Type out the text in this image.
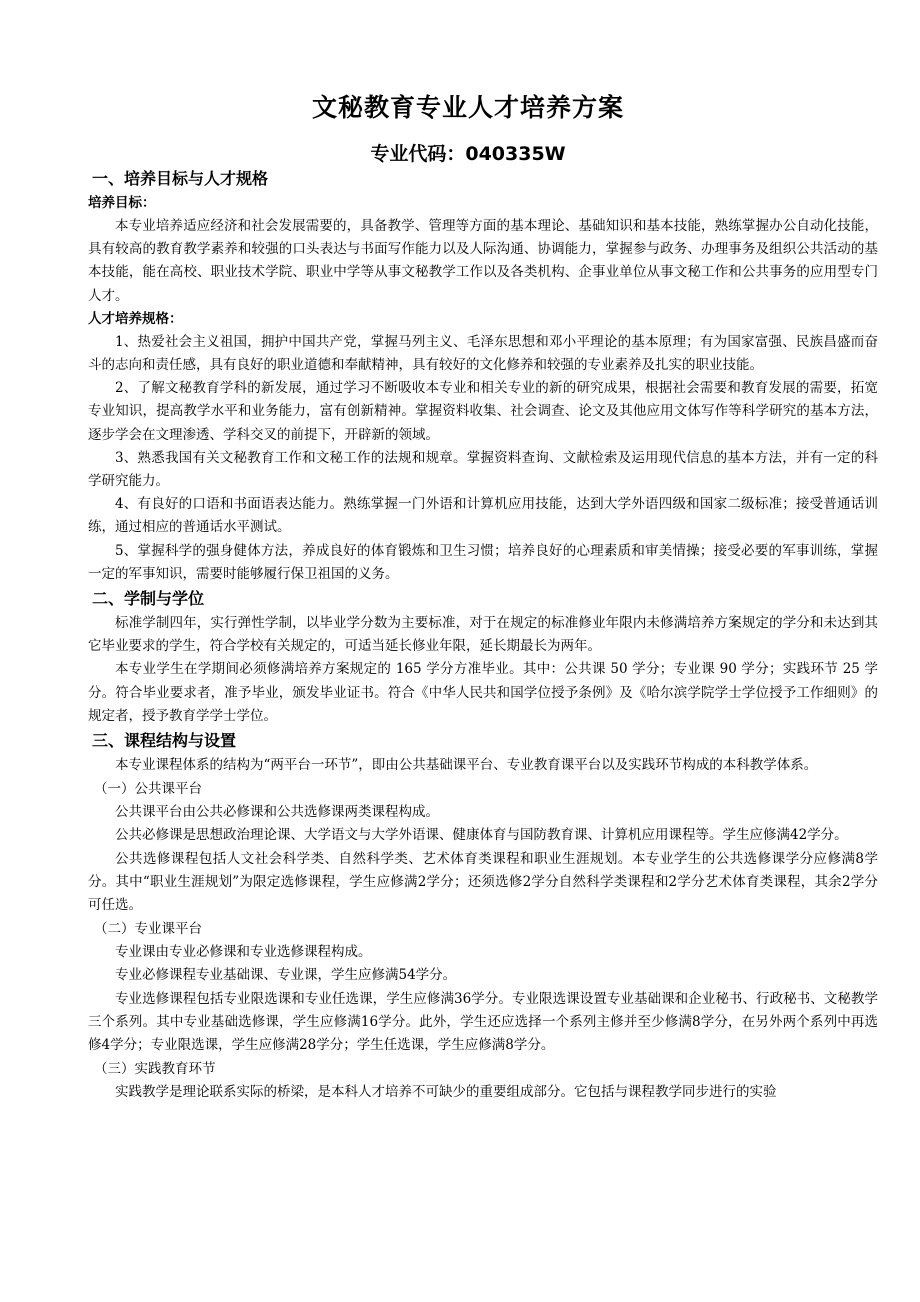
文秘教育专业人才培养方案
专业代码：040335W
一、培养目标与人才规格
培养目标：

本专业培养适应经济和社会发展需要的，具备教学、管理等方面的基本理论、基础知识和基本技能，熟练掌握办公自动化技能，具有较高的教育教学素养和较强的口头表达与书面写作能力以及人际沟通、协调能力，掌握参与政务、办理事务及组织公共活动的基本技能，能在高校、职业技术学院、职业中学等从事文秘教学工作以及各类机构、企事业单位从事文秘工作和公共事务的应用型专门人才。

人才培养规格：

1、热爱社会主义祖国，拥护中国共产党，掌握马列主义、毛泽东思想和邓小平理论的基本原理；有为国家富强、民族昌盛而奋斗的志向和责任感，具有良好的职业道德和奉献精神，具有较好的文化修养和较强的专业素养及扎实的职业技能。

2、了解文秘教育学科的新发展，通过学习不断吸收本专业和相关专业的新的研究成果，根据社会需要和教育发展的需要，拓宽专业知识，提高教学水平和业务能力，富有创新精神。掌握资料收集、社会调查、论文及其他应用文体写作等科学研究的基本方法，逐步学会在文理渗透、学科交叉的前提下，开辟新的领域。

3、熟悉我国有关文秘教育工作和文秘工作的法规和规章。掌握资料查询、文献检索及运用现代信息的基本方法，并有一定的科学研究能力。

4、有良好的口语和书面语表达能力。熟练掌握一门外语和计算机应用技能，达到大学外语四级和国家二级标准；接受普通话训练，通过相应的普通话水平测试。

5、掌握科学的强身健体方法，养成良好的体育锻炼和卫生习惯；培养良好的心理素质和审美情操；接受必要的军事训练，掌握一定的军事知识，需要时能够履行保卫祖国的义务。

二、学制与学位

标准学制四年，实行弹性学制，以毕业学分数为主要标准，对于在规定的标准修业年限内未修满培养方案规定的学分和未达到其它毕业要求的学生，符合学校有关规定的，可适当延长修业年限，延长期最长为两年。

本专业学生在学期间必须修满培养方案规定的 165 学分方准毕业。其中：公共课 50 学分；专业课 90 学分；实践环节 25 学分。符合毕业要求者，准予毕业，颁发毕业证书。符合《中华人民共和国学位授予条例》及《哈尔滨学院学士学位授予工作细则》的规定者，授予教育学学士学位。

三、课程结构与设置

本专业课程体系的结构为“两平台一环节”，即由公共基础课平台、专业教育课平台以及实践环节构成的本科教学体系。

（一）公共课平台

公共课平台由公共必修课和公共选修课两类课程构成。

公共必修课是思想政治理论课、大学语文与大学外语课、健康体育与国防教育课、计算机应用课程等。学生应修满42学分。

公共选修课程包括人文社会科学类、自然科学类、艺术体育类课程和职业生涯规划。本专业学生的公共选修课学分应修满8学分。其中“职业生涯规划”为限定选修课程，学生应修满2学分；还须选修2学分自然科学类课程和2学分艺术体育类课程，其余2学分可任选。

（二）专业课平台

专业课由专业必修课和专业选修课程构成。

专业必修课程专业基础课、专业课，学生应修满54学分。

专业选修课程包括专业限选课和专业任选课，学生应修满36学分。专业限选课设置专业基础课和企业秘书、行政秘书、文秘教学三个系列。其中专业基础选修课，学生应修满16学分。此外，学生还应选择一个系列主修并至少修满8学分，在另外两个系列中再选修4学分；专业限选课，学生应修满28学分；学生任选课，学生应修满8学分。

（三）实践教育环节

实践教学是理论联系实际的桥梁，是本科人才培养不可缺少的重要组成部分。它包括与课程教学同步进行的实验
